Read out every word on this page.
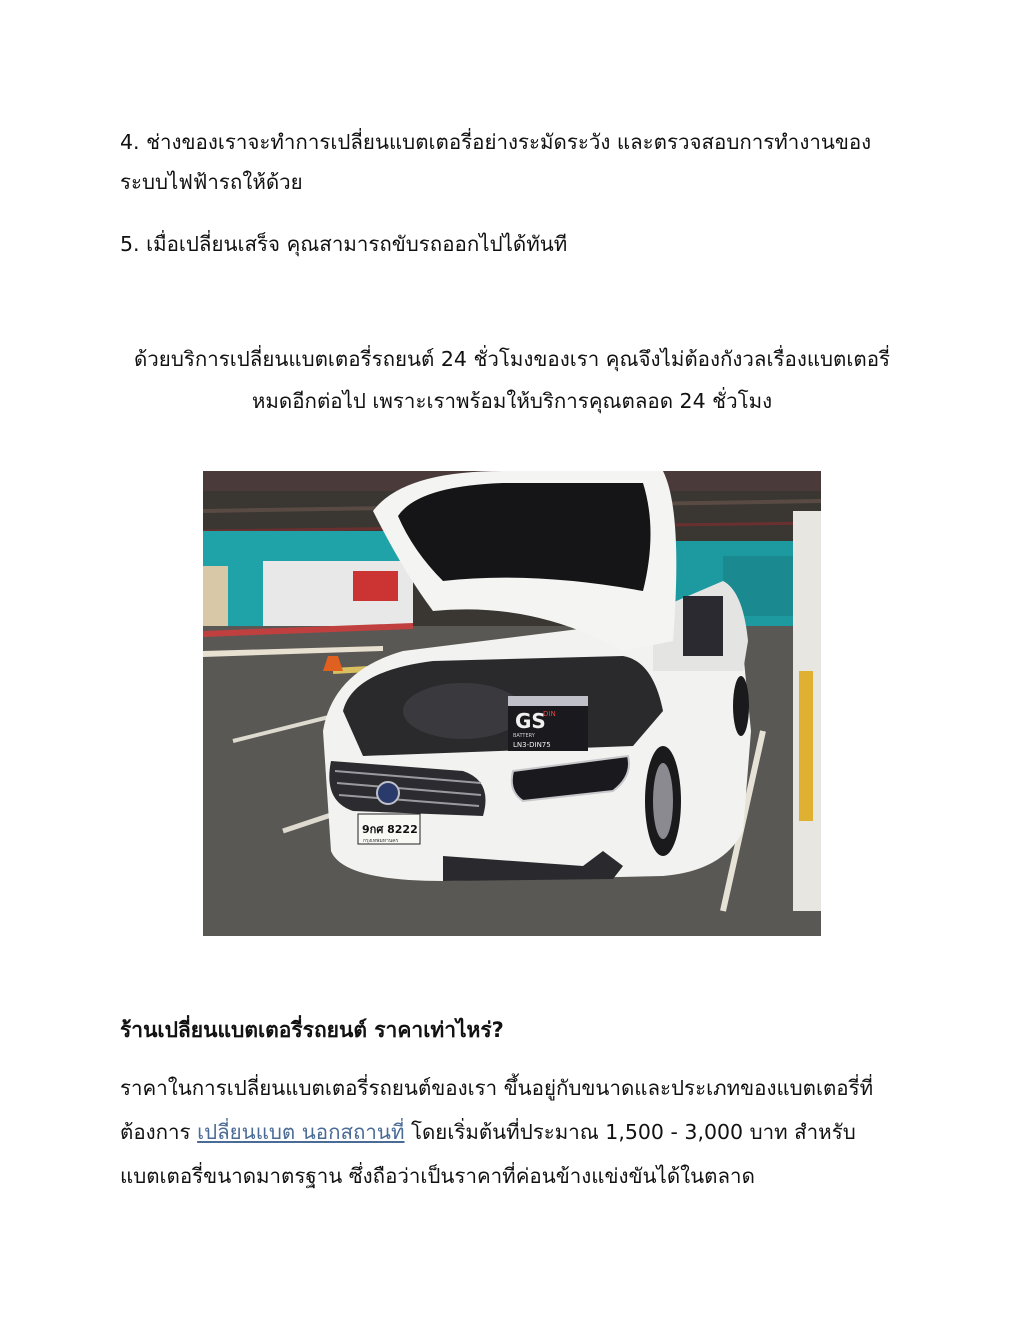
4. ช่างของเราจะทำการเปลี่ยนแบตเตอรี่อย่างระมัดระวัง และตรวจสอบการทำงานของ
ระบบไฟฟ้ารถให้ด้วย

5. เมื่อเปลี่ยนเสร็จ คุณสามารถขับรถออกไปได้ทันที

ด้วยบริการเปลี่ยนแบตเตอรี่รถยนต์ 24 ชั่วโมงของเรา คุณจึงไม่ต้องกังวลเรื่องแบตเตอรี่
หมดอีกต่อไป เพราะเราพร้อมให้บริการคุณตลอด 24 ชั่วโมง

GS
DIN
BATTERY
LN3-DIN75
9กศ 8222
กรุงเทพมหานคร
ร้านเปลี่ยนแบตเตอรี่รถยนต์ ราคาเท่าไหร่?

ราคาในการเปลี่ยนแบตเตอรี่รถยนต์ของเรา ขึ้นอยู่กับขนาดและประเภทของแบตเตอรี่ที่
ต้องการ เปลี่ยนแบต นอกสถานที่ โดยเริ่มต้นที่ประมาณ 1,500 - 3,000 บาท สำหรับ
แบตเตอรี่ขนาดมาตรฐาน ซึ่งถือว่าเป็นราคาที่ค่อนข้างแข่งขันได้ในตลาด
